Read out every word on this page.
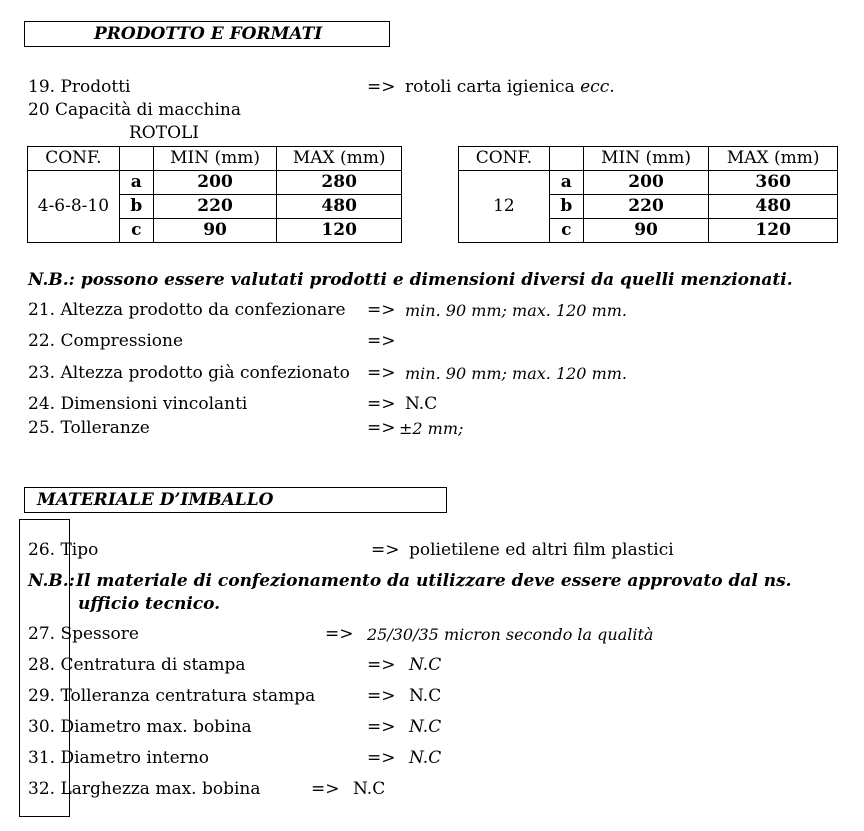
PRODOTTO E FORMATI
19. Prodotti	=> rotoli carta igienica ecc.
20 Capacità di macchina
ROTOLI
CONF.		MIN (mm)	MAX (mm)
4-6-8-10	a	200	280
	b	220	480
	c	90	120
CONF.		MIN (mm)	MAX (mm)
12	a	200	360
	b	220	480
	c	90	120
N.B.: possono essere valutati prodotti e dimensioni diversi da quelli menzionati.
21. Altezza prodotto da confezionare => min. 90 mm; max. 120 mm.
22. Compressione	=>
23. Altezza prodotto già confezionato => min. 90 mm; max. 120 mm.
24. Dimensioni vincolanti	=> N.C
25. Tolleranze	=> ±2 mm;
MATERIALE D’IMBALLO
26. Tipo	=> polietilene ed altri film plastici
N.B.: Il materiale di confezionamento da utilizzare deve essere approvato dal ns.
ufficio tecnico.
27. Spessore	=> 25/30/35 micron secondo la qualità
28. Centratura di stampa	=> N.C
29. Tolleranza centratura stampa	=> N.C
30. Diametro max. bobina	=> N.C
31. Diametro interno	=> N.C
32. Larghezza max. bobina	=> N.C
